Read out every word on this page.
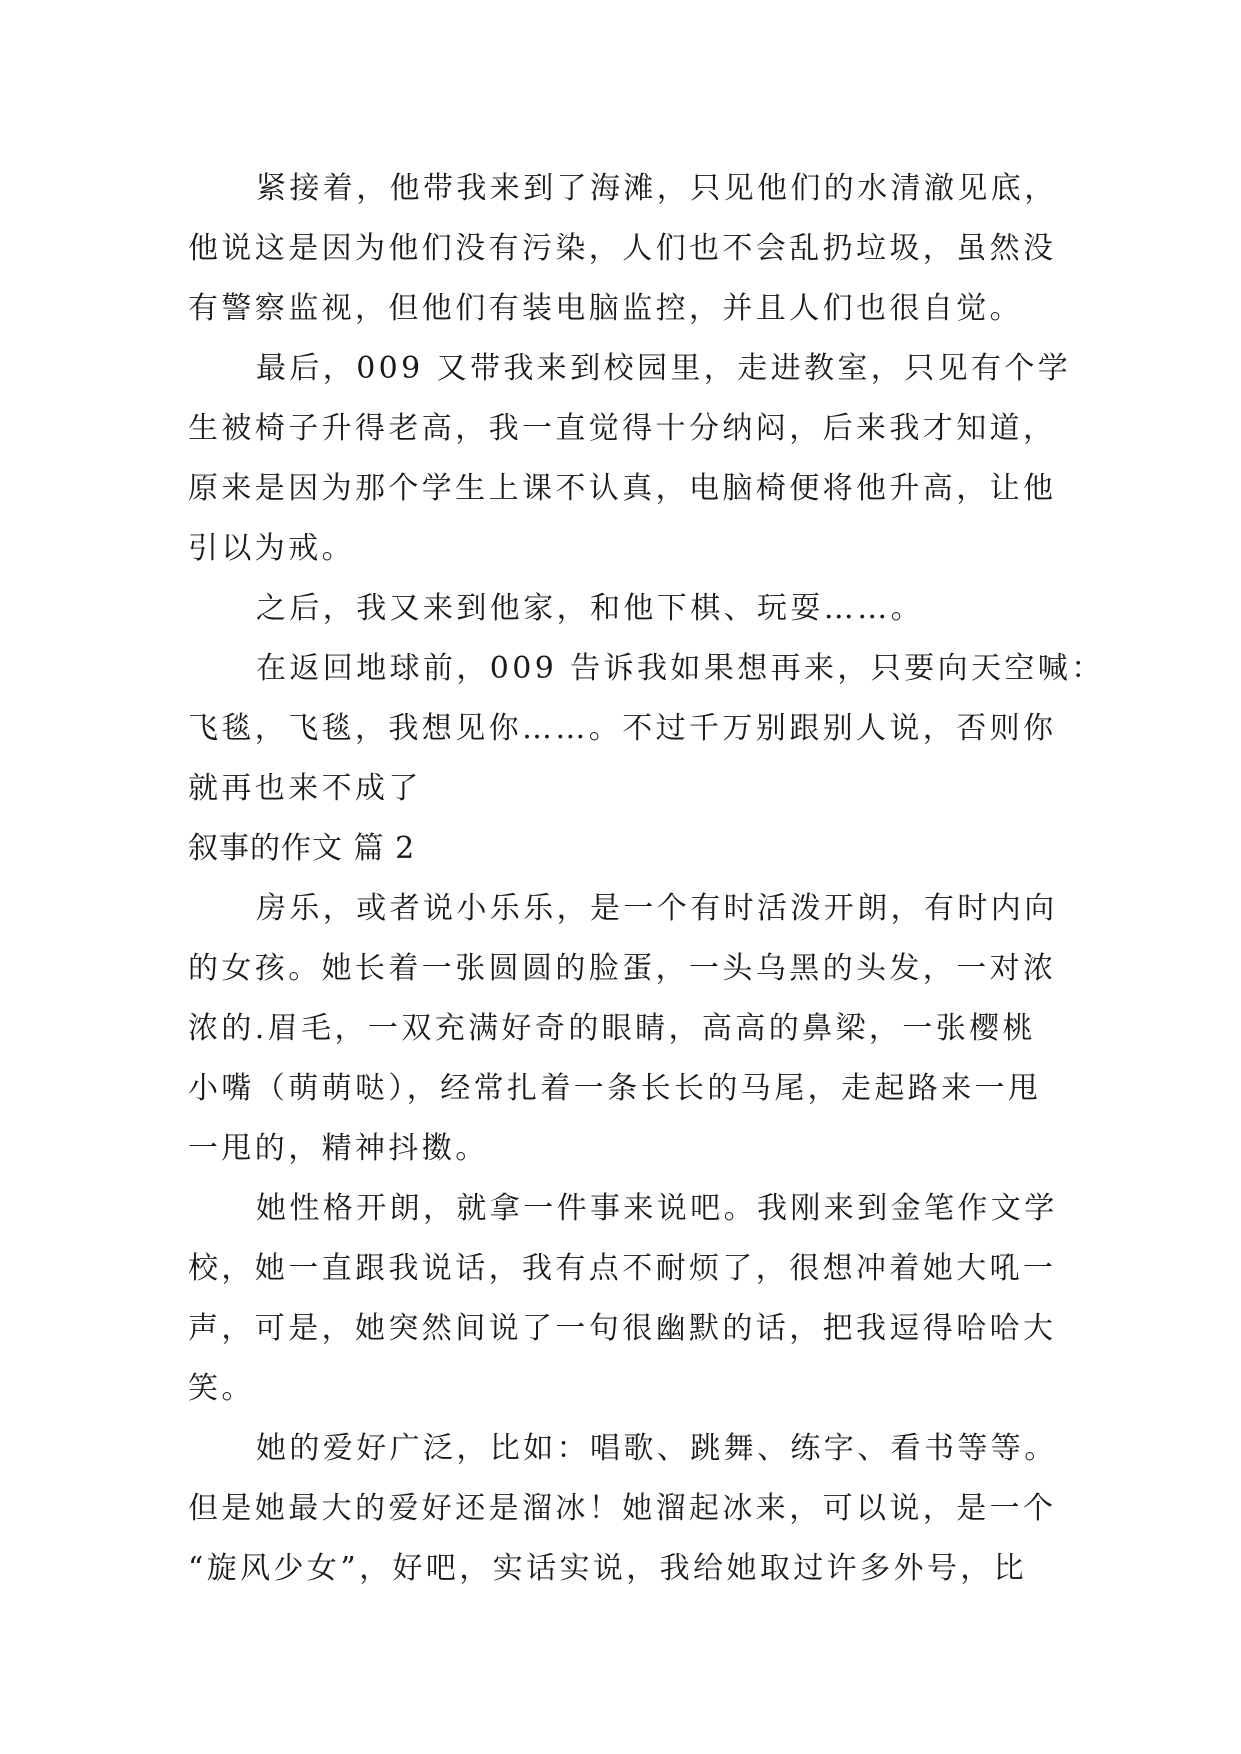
紧接着，他带我来到了海滩，只见他们的水清澈见底，
他说这是因为他们没有污染，人们也不会乱扔垃圾，虽然没
有警察监视，但他们有装电脑监控，并且人们也很自觉。
最后，009 又带我来到校园里，走进教室，只见有个学
生被椅子升得老高，我一直觉得十分纳闷，后来我才知道，
原来是因为那个学生上课不认真，电脑椅便将他升高，让他
引以为戒。
之后，我又来到他家，和他下棋、玩耍……。
在返回地球前，009 告诉我如果想再来，只要向天空喊：
飞毯，飞毯，我想见你……。不过千万别跟别人说，否则你
就再也来不成了
叙事的作文 篇 2
房乐，或者说小乐乐，是一个有时活泼开朗，有时内向
的女孩。她长着一张圆圆的脸蛋，一头乌黑的头发，一对浓
浓的.眉毛，一双充满好奇的眼睛，高高的鼻梁，一张樱桃
小嘴（萌萌哒），经常扎着一条长长的马尾，走起路来一甩
一甩的，精神抖擞。
她性格开朗，就拿一件事来说吧。我刚来到金笔作文学
校，她一直跟我说话，我有点不耐烦了，很想冲着她大吼一
声，可是，她突然间说了一句很幽默的话，把我逗得哈哈大
笑。
她的爱好广泛，比如：唱歌、跳舞、练字、看书等等。
但是她最大的爱好还是溜冰！她溜起冰来，可以说，是一个
“旋风少女”，好吧，实话实说，我给她取过许多外号，比
